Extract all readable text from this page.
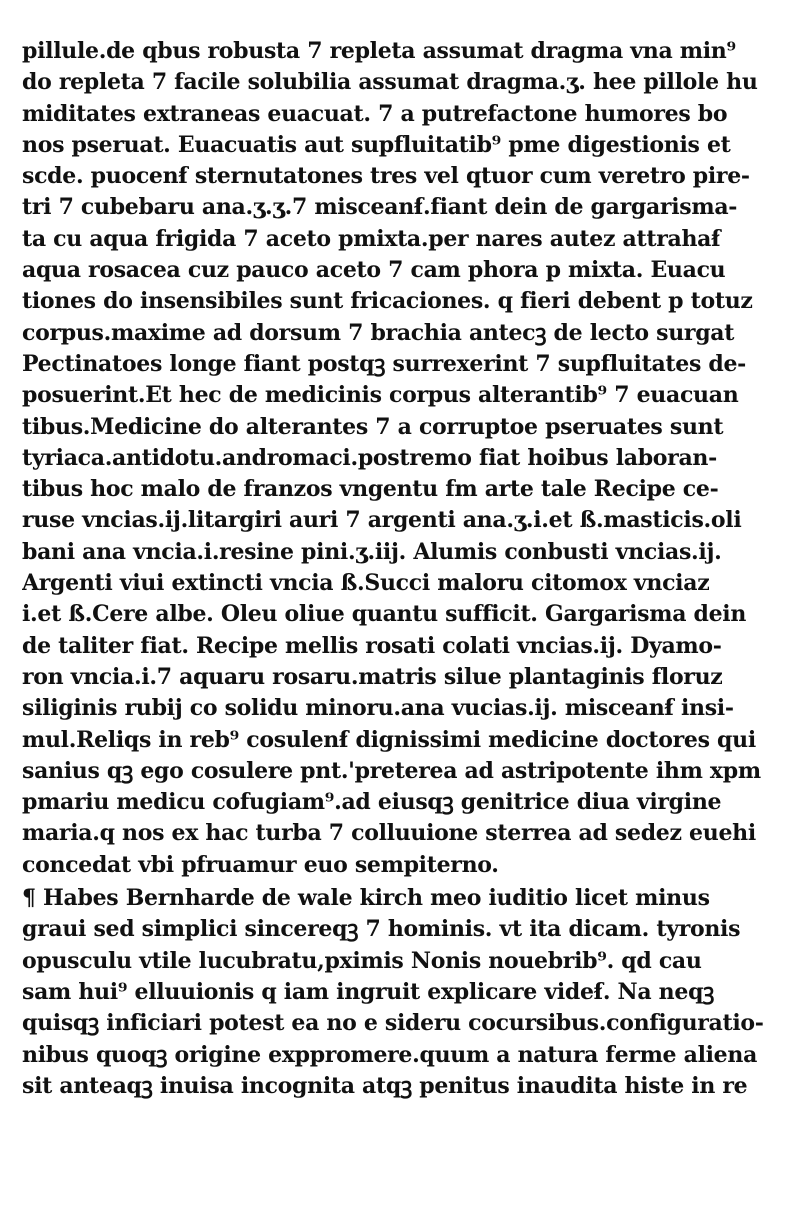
pillule.de qbus robusta 7 repleta assumat dragma vna min⁹
do repleta 7 facile solubilia assumat dragma.ʒ. hee pillole hu
miditates extraneas euacuat. 7 a putrefactone humores bo
nos pseruat. Euacuatis aut supfluitatib⁹ pme digestionis et
scde. puocenẜ sternutatones tres vel qtuor cum veretro pire-
tri 7 cubebaru ana.ʒ.ʒ.7 misceanẜ.fiant dein de gargarisma-
ta cu aqua frigida 7 aceto pmixta.per nares autez attrahaẜ
aqua rosacea cuz pauco aceto 7 cam phora p mixta. Euacu
tiones do insensibiles sunt fricaciones. q fieri debent p totuz
corpus.maxime ad dorsum 7 brachia antecꝫ de lecto surgat
Pectinatoes longe fiant postqꝫ surrexerint 7 supfluitates de-
posuerint.Et hec de medicinis corpus alterantib⁹ 7 euacuan
tibus.Medicine do alterantes 7 a corruptoe pseruates sunt
tyriaca.antidotu.andromaci.postremo fiat hoibus laboran-
tibus hoc malo de franzos vngentu fm arte tale Recipe ce-
ruse vncias.ij.litargiri auri 7 argenti ana.ʒ.i.et ß.masticis.oli
bani ana vncia.i.resine pini.ʒ.iij. Alumis conbusti vncias.ij.
Argenti viui extincti vncia ß.Succi maloru citomox vnciaz
i.et ß.Cere albe. Oleu oliue quantu sufficit. Gargarisma dein
de taliter fiat. Recipe mellis rosati colati vncias.ij. Dyamo-
ron vncia.i.7 aquaru rosaru.matris silue plantaginis floruz
siliginis rubij co solidu minoru.ana vucias.ij. misceanẜ insi-
mul.Reliqs in reb⁹ cosulenẜ dignissimi medicine doctores qui
sanius qꝫ ego cosulere pnt.'preterea ad astripotente ihm xpm
pmariu medicu cofugiam⁹.ad eiusqꝫ genitrice diua virgine
maria.q nos ex hac turba 7 colluuione sterrea ad sedez euehi
concedat vbi pfruamur euo sempiterno.
¶ Habes Bernharde de wale kirch meo iuditio licet minus
graui sed simplici sincereqꝫ 7 hominis. vt ita dicam. tyronis
opusculu vtile lucubratu,pximis Nonis nouebrib⁹. qd cau
sam hui⁹ elluuionis q iam ingruit explicare videẜ. Na neqꝫ
quisqꝫ inficiari potest ea no e sideru cocursibus.configuratio-
nibus quoqꝫ origine exppromere.quum a natura ferme aliena
sit anteaqꝫ inuisa incognita atqꝫ penitus inaudita histe in re
